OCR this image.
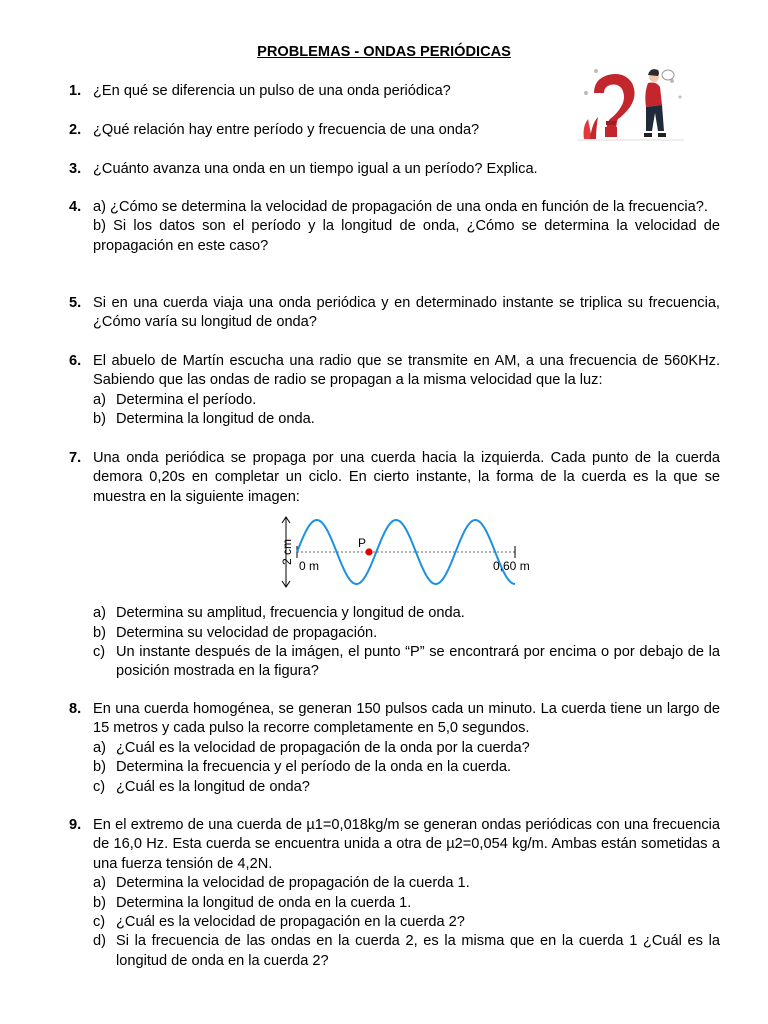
PROBLEMAS - ONDAS PERIÓDICAS
1. ¿En qué se diferencia un pulso de una onda periódica?

2. ¿Qué relación hay entre período y frecuencia de una onda?

3. ¿Cuánto avanza una onda en un tiempo igual a un período? Explica.

4. a) ¿Cómo se determina la velocidad de propagación de una onda en función de la frecuencia?.

b) Si los datos son el período y la longitud de onda, ¿Cómo se determina la velocidad de propagación en este caso?

5. Si en una cuerda viaja una onda periódica y en determinado instante se triplica su frecuencia, ¿Cómo varía su longitud de onda?

6. El abuelo de Martín escucha una radio que se transmite en AM, a una frecuencia de 560KHz. Sabiendo que las ondas de radio se propagan a la misma velocidad que la luz:

a) Determina el período.
b) Determina la longitud de onda.
7. Una onda periódica se propaga por una cuerda hacia la izquierda. Cada punto de la cuerda demora 0,20s en completar un ciclo. En cierto instante, la forma de la cuerda es la que se muestra en la siguiente imagen:

a) Determina su amplitud, frecuencia y longitud de onda.
b) Determina su velocidad de propagación.
c) Un instante después de la imágen, el punto “P” se encontrará por encima o por debajo de la posición mostrada en la figura?
8. En una cuerda homogénea, se generan 150 pulsos cada un minuto. La cuerda tiene un largo de 15 metros y cada pulso la recorre completamente en 5,0 segundos.

a) ¿Cuál es la velocidad de propagación de la onda por la cuerda?
b) Determina la frecuencia y el período de la onda en la cuerda.
c) ¿Cuál es la longitud de onda?
9. En el extremo de una cuerda de µ1=0,018kg/m se generan ondas periódicas con una frecuencia de 16,0 Hz. Esta cuerda se encuentra unida a otra de µ2=0,054 kg/m. Ambas están sometidas a una fuerza tensión de 4,2N.

a) Determina la velocidad de propagación de la cuerda 1.
b) Determina la longitud de onda en la cuerda 1.
c) ¿Cuál es la velocidad de propagación en la cuerda 2?
d) Si la frecuencia de las ondas en la cuerda 2, es la misma que en la cuerda 1 ¿Cuál es la longitud de onda en la cuerda 2?
2 cm	P
0 m	0,60 m
